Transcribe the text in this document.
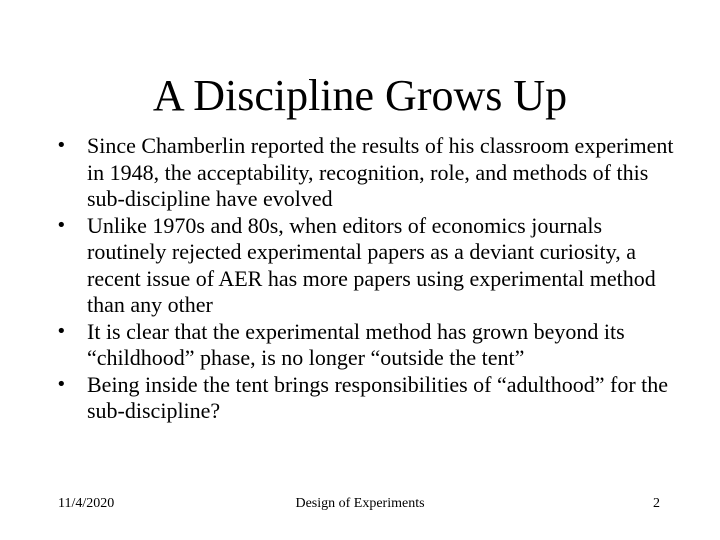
A Discipline Grows Up
• Since Chamberlin reported the results of his classroom experiment in 1948, the acceptability, recognition, role, and methods of this sub-discipline have evolved
• Unlike 1970s and 80s, when editors of economics journals routinely rejected experimental papers as a deviant curiosity, a recent issue of AER has more papers using experimental method than any other
• It is clear that the experimental method has grown beyond its “childhood” phase, is no longer “outside the tent”
• Being inside the tent brings responsibilities of “adulthood” for the sub-discipline?
11/4/2020	Design of Experiments	2
